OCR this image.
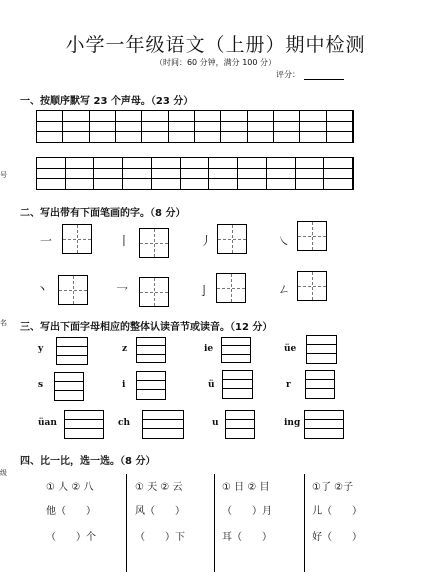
小学一年级语文（上册）期中检测
（时间：60 分钟，满分 100 分）
评分：
号
名
级
一、按顺序默写 23 个声母。（23 分）
二、写出带有下面笔画的字。（8 分）
一	丨	丿	㇏
丶	乛	亅	ㄥ
三、写出下面字母相应的整体认读音节或读音。（12 分）
y	z	ie	üe
s	i	ü	r
üan	ch	u	ing
四、比一比，选一选。（8 分）
① 人 ② 八
他（　　）
（　　）个
① 天 ② 云
风（　　）
（　　）下
① 日 ② 目
（　　）月
耳（　　）
①了 ②子
儿（　　）
好（　　）
